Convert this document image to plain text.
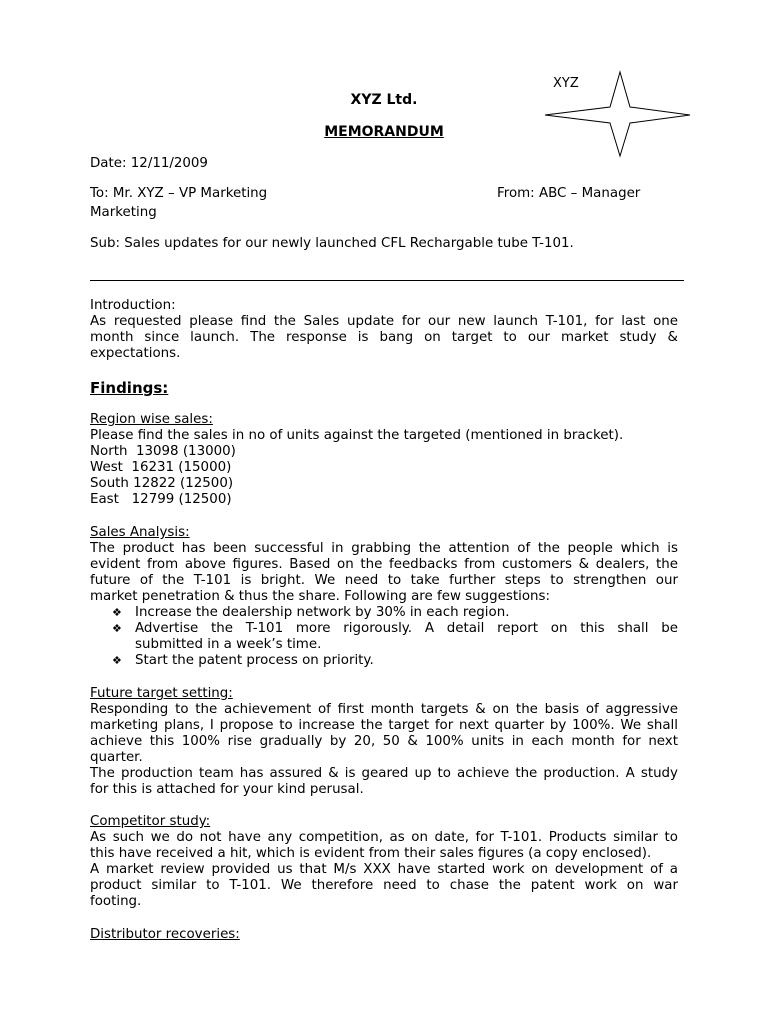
XYZ
XYZ Ltd.
MEMORANDUM
Date: 12/11/2009
To: Mr. XYZ – VP Marketing	From: ABC – Manager
Marketing
Sub: Sales updates for our newly launched CFL Rechargable tube T-101.
Introduction:
As requested please find the Sales update for our new launch T-101, for last one
month since launch. The response is bang on target to our market study &
expectations.
Findings:
Region wise sales:
Please find the sales in no of units against the targeted (mentioned in bracket).
North  13098 (13000)
West  16231 (15000)
South 12822 (12500)
East   12799 (12500)
Sales Analysis:
The product has been successful in grabbing the attention of the people which is
evident from above figures. Based on the feedbacks from customers & dealers, the
future of the T-101 is bright. We need to take further steps to strengthen our
market penetration & thus the share. Following are few suggestions:
❖ Increase the dealership network by 30% in each region.
❖ Advertise the T-101 more rigorously. A detail report on this shall be
submitted in a week’s time.
❖ Start the patent process on priority.
Future target setting:
Responding to the achievement of first month targets & on the basis of aggressive
marketing plans, I propose to increase the target for next quarter by 100%. We shall
achieve this 100% rise gradually by 20, 50 & 100% units in each month for next
quarter.
The production team has assured & is geared up to achieve the production. A study
for this is attached for your kind perusal.
Competitor study:
As such we do not have any competition, as on date, for T-101. Products similar to
this have received a hit, which is evident from their sales figures (a copy enclosed).
A market review provided us that M/s XXX have started work on development of a
product similar to T-101. We therefore need to chase the patent work on war
footing.
Distributor recoveries:
